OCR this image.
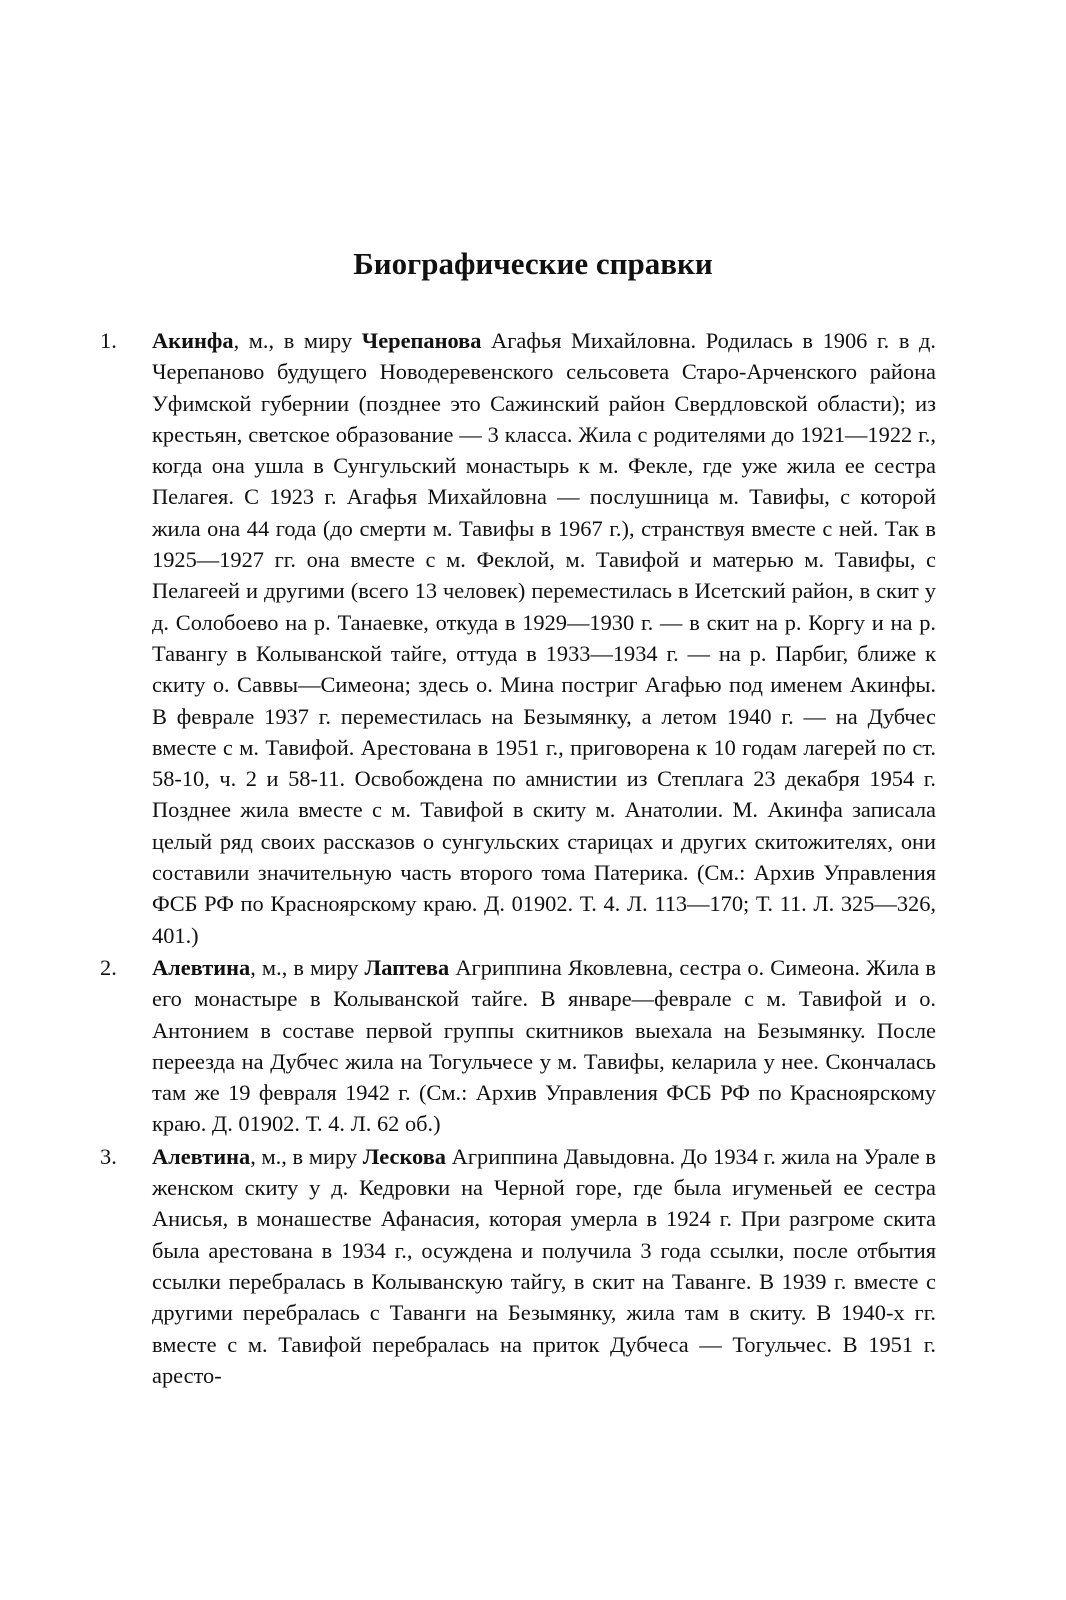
Биографические справки
1. Акинфа, м., в миру Черепанова Агафья Михайловна. Родилась в 1906 г. в д. Черепаново будущего Новодеревенского сельсовета Старо-Арченского района Уфимской губернии (позднее это Сажинский район Свердловской области); из крестьян, светское образование — 3 класса. Жила с родителями до 1921—1922 г., когда она ушла в Сунгульский монастырь к м. Фекле, где уже жила ее сестра Пелагея. С 1923 г. Агафья Михайловна — послушница м. Тавифы, с которой жила она 44 года (до смерти м. Тавифы в 1967 г.), странствуя вместе с ней. Так в 1925—1927 гг. она вместе с м. Феклой, м. Тавифой и матерью м. Тавифы, с Пелагеей и другими (всего 13 человек) переместилась в Исетский район, в скит у д. Солобоево на р. Танаевке, откуда в 1929—1930 г. — в скит на р. Коргу и на р. Тавангу в Колыванской тайге, оттуда в 1933—1934 г. — на р. Парбиг, ближе к скиту о. Саввы—Симеона; здесь о. Мина постриг Агафью под именем Акинфы. В феврале 1937 г. переместилась на Безымянку, а летом 1940 г. — на Дубчес вместе с м. Тавифой. Арестована в 1951 г., приговорена к 10 годам лагерей по ст. 58-10, ч. 2 и 58-11. Освобождена по амнистии из Степлага 23 декабря 1954 г. Позднее жила вместе с м. Тавифой в скиту м. Анатолии. М. Акинфа записала целый ряд своих рассказов о сунгульских старицах и других скитожителях, они составили значительную часть второго тома Патерика. (См.: Архив Управления ФСБ РФ по Красноярскому краю. Д. 01902. Т. 4. Л. 113—170; Т. 11. Л. 325—326, 401.)
2. Алевтина, м., в миру Лаптева Агриппина Яковлевна, сестра о. Симеона. Жила в его монастыре в Колыванской тайге. В январе—феврале с м. Тавифой и о. Антонием в составе первой группы скитников выехала на Безымянку. После переезда на Дубчес жила на Тогульчесе у м. Тавифы, келарила у нее. Скончалась там же 19 февраля 1942 г. (См.: Архив Управления ФСБ РФ по Красноярскому краю. Д. 01902. Т. 4. Л. 62 об.)
3. Алевтина, м., в миру Лескова Агриппина Давыдовна. До 1934 г. жила на Урале в женском скиту у д. Кедровки на Черной горе, где была игуменьей ее сестра Анисья, в монашестве Афанасия, которая умерла в 1924 г. При разгроме скита была арестована в 1934 г., осуждена и получила 3 года ссылки, после отбытия ссылки перебралась в Колыванскую тайгу, в скит на Таванге. В 1939 г. вместе с другими перебралась с Таванги на Безымянку, жила там в скиту. В 1940-х гг. вместе с м. Тавифой перебралась на приток Дубчеса — Тогульчес. В 1951 г. аресто-
